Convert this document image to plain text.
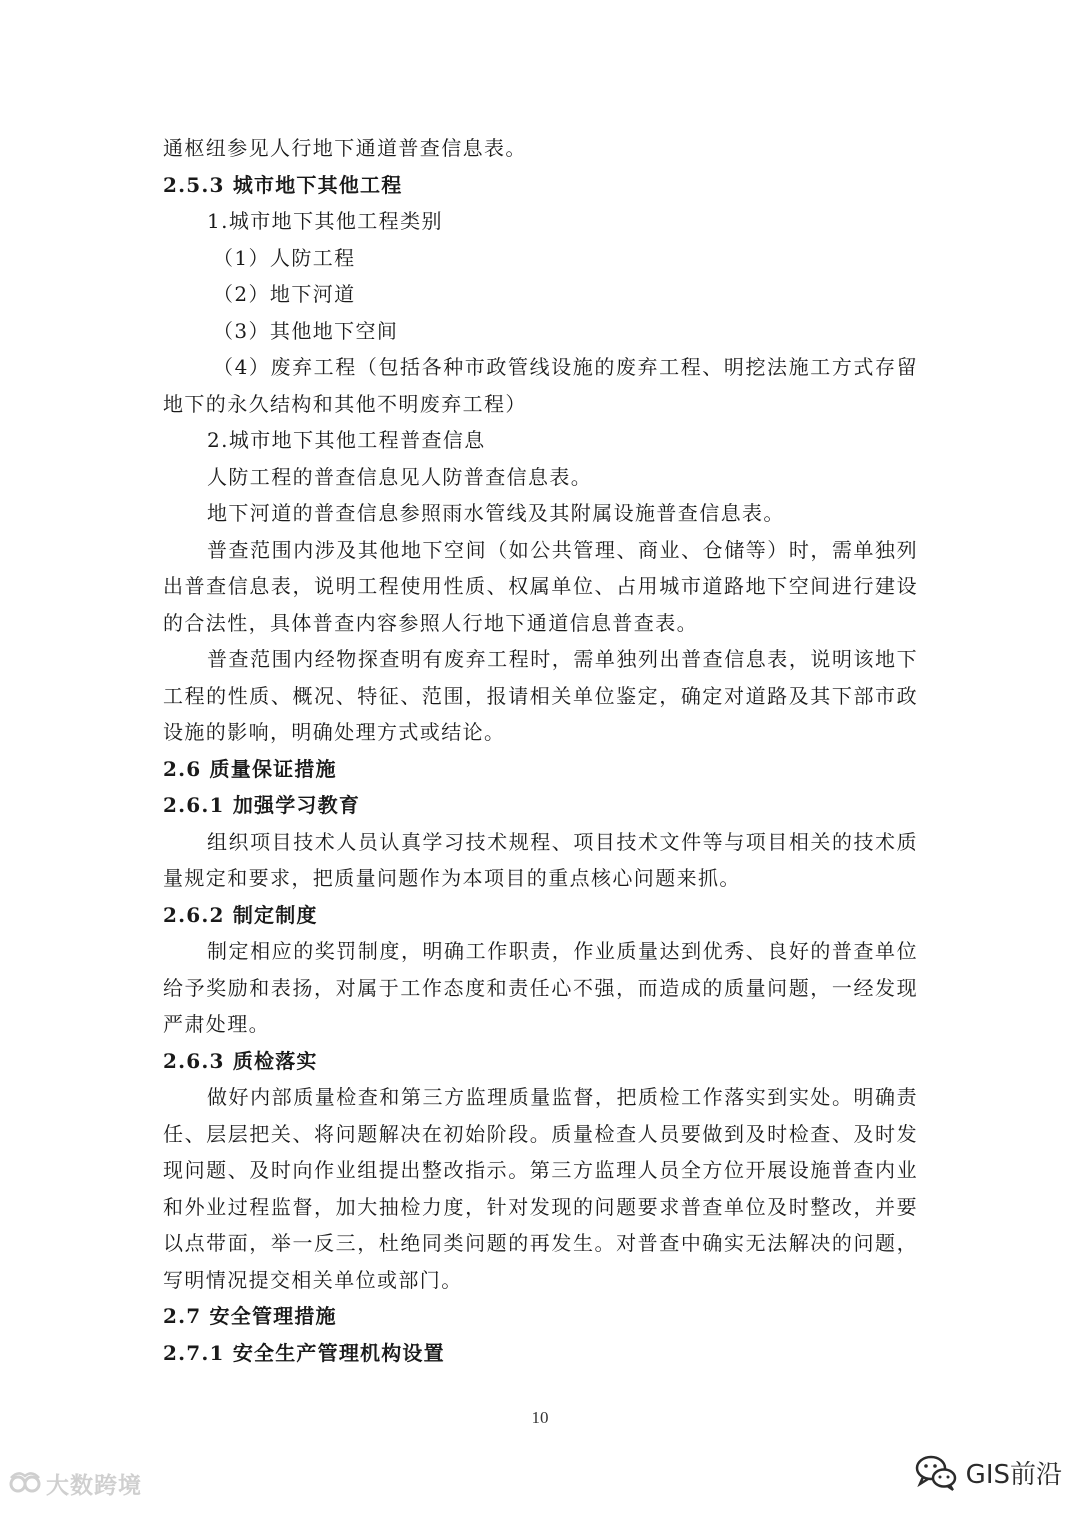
通枢纽参见人行地下通道普查信息表。
2.5.3 城市地下其他工程
1.城市地下其他工程类别
（1）人防工程
（2）地下河道
（3）其他地下空间
（4）废弃工程（包括各种市政管线设施的废弃工程、明挖法施工方式存留
地下的永久结构和其他不明废弃工程）
2.城市地下其他工程普查信息
人防工程的普查信息见人防普查信息表。
地下河道的普查信息参照雨水管线及其附属设施普查信息表。
普查范围内涉及其他地下空间（如公共管理、商业、仓储等）时，需单独列
出普查信息表，说明工程使用性质、权属单位、占用城市道路地下空间进行建设
的合法性，具体普查内容参照人行地下通道信息普查表。
普查范围内经物探查明有废弃工程时，需单独列出普查信息表，说明该地下
工程的性质、概况、特征、范围，报请相关单位鉴定，确定对道路及其下部市政
设施的影响，明确处理方式或结论。
2.6 质量保证措施
2.6.1 加强学习教育
组织项目技术人员认真学习技术规程、项目技术文件等与项目相关的技术质
量规定和要求，把质量问题作为本项目的重点核心问题来抓。
2.6.2 制定制度
制定相应的奖罚制度，明确工作职责，作业质量达到优秀、良好的普查单位
给予奖励和表扬，对属于工作态度和责任心不强，而造成的质量问题，一经发现
严肃处理。
2.6.3 质检落实
做好内部质量检查和第三方监理质量监督，把质检工作落实到实处。明确责
任、层层把关、将问题解决在初始阶段。质量检查人员要做到及时检查、及时发
现问题、及时向作业组提出整改指示。第三方监理人员全方位开展设施普查内业
和外业过程监督，加大抽检力度，针对发现的问题要求普查单位及时整改，并要
以点带面，举一反三，杜绝同类问题的再发生。对普查中确实无法解决的问题，
写明情况提交相关单位或部门。
2.7 安全管理措施
2.7.1 安全生产管理机构设置
10
大数跨境	GIS前沿
